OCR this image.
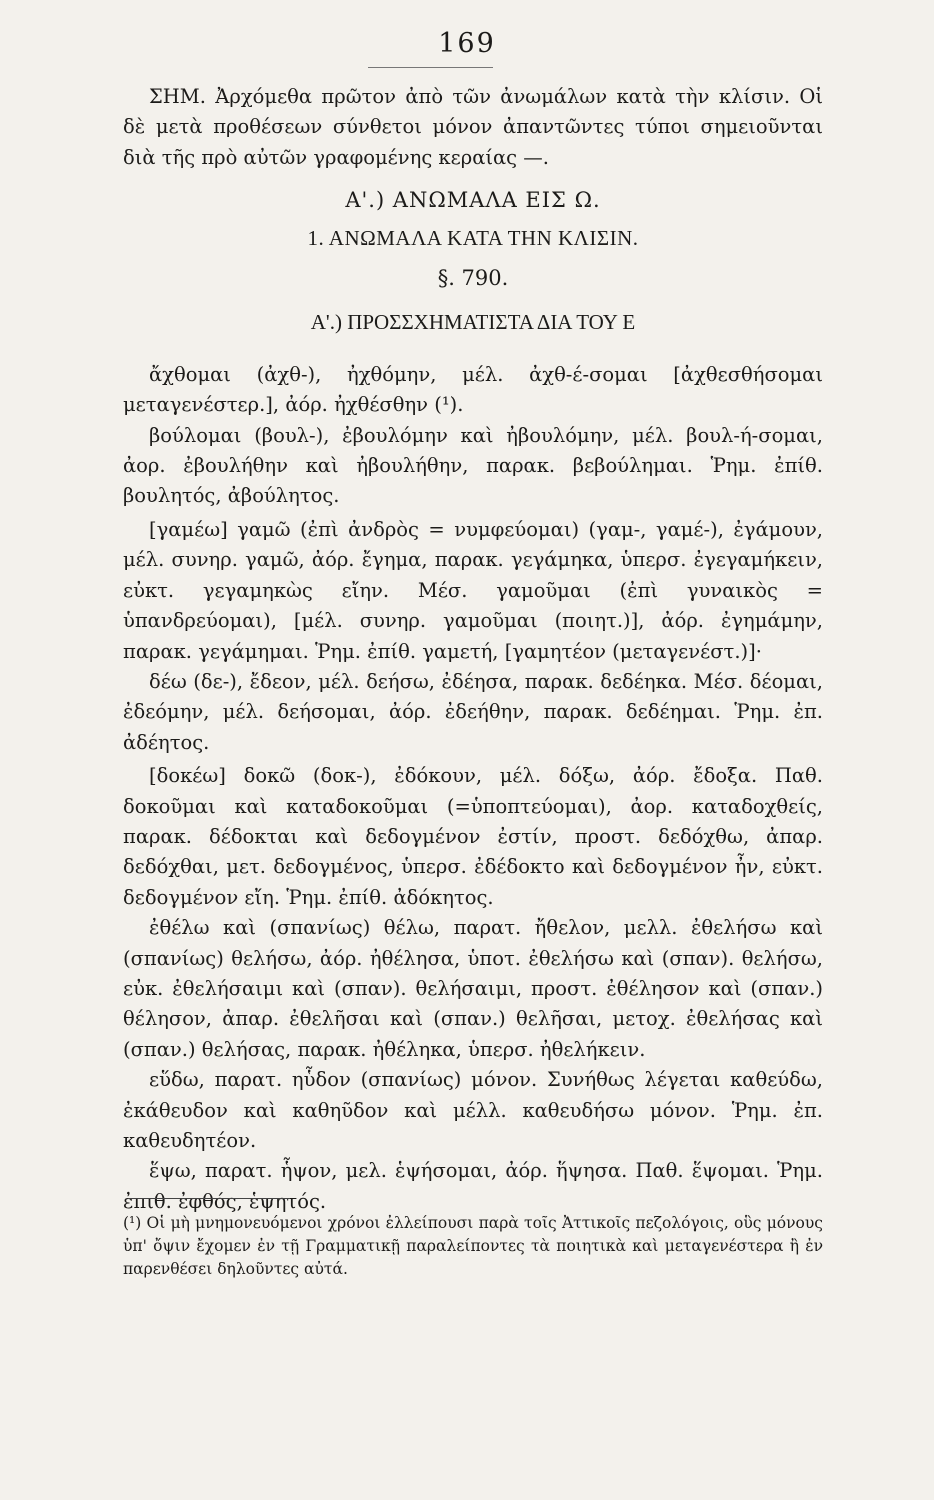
169

ΣΗΜ. Ἀρχόμεθα πρῶτον ἀπὸ τῶν ἀνωμάλων κατὰ τὴν κλίσιν. Οἱ δὲ μετὰ προθέσεων σύνθετοι μόνον ἀπαντῶντες τύποι σημειοῦνται διὰ τῆς πρὸ αὐτῶν γραφομένης κεραίας —.

Α'.) ΑΝΩΜΑΛΑ ΕΙΣ Ω.

1. ΑΝΩΜΑΛΑ ΚΑΤΑ ΤΗΝ ΚΛΙΣΙΝ.

§. 790.

Α'.) ΠΡΟΣΣΧΗΜΑΤΙΣΤΑ ΔΙΑ ΤΟΥ Ε

ἄχθομαι (ἀχθ-), ἠχθόμην, μέλ. ἀχθ-έ-σομαι [ἀχθεσθήσομαι μεταγενέστερ.], ἀόρ. ἠχθέσθην (¹).

βούλομαι (βουλ-), ἐβουλόμην καὶ ἠβουλόμην, μέλ. βουλ-ή-σομαι, ἀορ. ἐβουλήθην καὶ ἠβουλήθην, παρακ. βεβούλημαι. Ῥημ. ἐπίθ. βουλητός, ἀβούλητος.

[γαμέω] γαμῶ (ἐπὶ ἀνδρὸς = νυμφεύομαι) (γαμ-, γαμέ-), ἐγάμουν, μέλ. συνηρ. γαμῶ, ἀόρ. ἔγημα, παρακ. γεγάμηκα, ὑπερσ. ἐγεγαμήκειν, εὐκτ. γεγαμηκὼς εἴην. Μέσ. γαμοῦμαι (ἐπὶ γυναικὸς = ὑπανδρεύομαι), [μέλ. συνηρ. γαμοῦμαι (ποιητ.)], ἀόρ. ἐγημάμην, παρακ. γεγάμημαι. Ῥημ. ἐπίθ. γαμετή, [γαμητέον (μεταγενέστ.)]·

δέω (δε-), ἔδεον, μέλ. δεήσω, ἐδέησα, παρακ. δεδέηκα. Μέσ. δέομαι, ἐδεόμην, μέλ. δεήσομαι, ἀόρ. ἐδεήθην, παρακ. δεδέημαι. Ῥημ. ἐπ. ἀδέητος.

[δοκέω] δοκῶ (δοκ-), ἐδόκουν, μέλ. δόξω, ἀόρ. ἔδοξα. Παθ. δοκοῦμαι καὶ καταδοκοῦμαι (=ὑποπτεύομαι), ἀορ. καταδοχθείς, παρακ. δέδοκται καὶ δεδογμένον ἐστίν, προστ. δεδόχθω, ἀπαρ. δεδόχθαι, μετ. δεδογμένος, ὑπερσ. ἐδέδοκτο καὶ δεδογμένον ἦν, εὐκτ. δεδογμένον εἴη. Ῥημ. ἐπίθ. ἀδόκητος.

ἐθέλω καὶ (σπανίως) θέλω, παρατ. ἤθελον, μελλ. ἐθελήσω καὶ (σπανίως) θελήσω, ἀόρ. ἠθέλησα, ὑποτ. ἐθελήσω καὶ (σπαν). θελήσω, εὐκ. ἐθελήσαιμι καὶ (σπαν). θελήσαιμι, προστ. ἐθέλησον καὶ (σπαν.) θέλησον, ἀπαρ. ἐθελῆσαι καὶ (σπαν.) θελῆσαι, μετοχ. ἐθελήσας καὶ (σπαν.) θελήσας, παρακ. ἠθέληκα, ὑπερσ. ἠθελήκειν.

εὕδω, παρατ. ηὗδον (σπανίως) μόνον. Συνήθως λέγεται καθεύδω, ἐκάθευδον καὶ καθηῦδον καὶ μέλλ. καθευδήσω μόνον. Ῥημ. ἐπ. καθευδητέον.

ἕψω, παρατ. ἧψον, μελ. ἑψήσομαι, ἀόρ. ἥψησα. Παθ. ἕψομαι. Ῥημ. ἐπιθ. ἐφθός, ἑψητός.

(¹) Οἱ μὴ μνημονευόμενοι χρόνοι ἐλλείπουσι παρὰ τοῖς Ἀττικοῖς πεζολόγοις, οὓς μόνους ὑπ' ὄψιν ἔχομεν ἐν τῇ Γραμματικῇ παραλείποντες τὰ ποιητικὰ καὶ μεταγενέστερα ἢ ἐν παρενθέσει δηλοῦντες αὐτά.
